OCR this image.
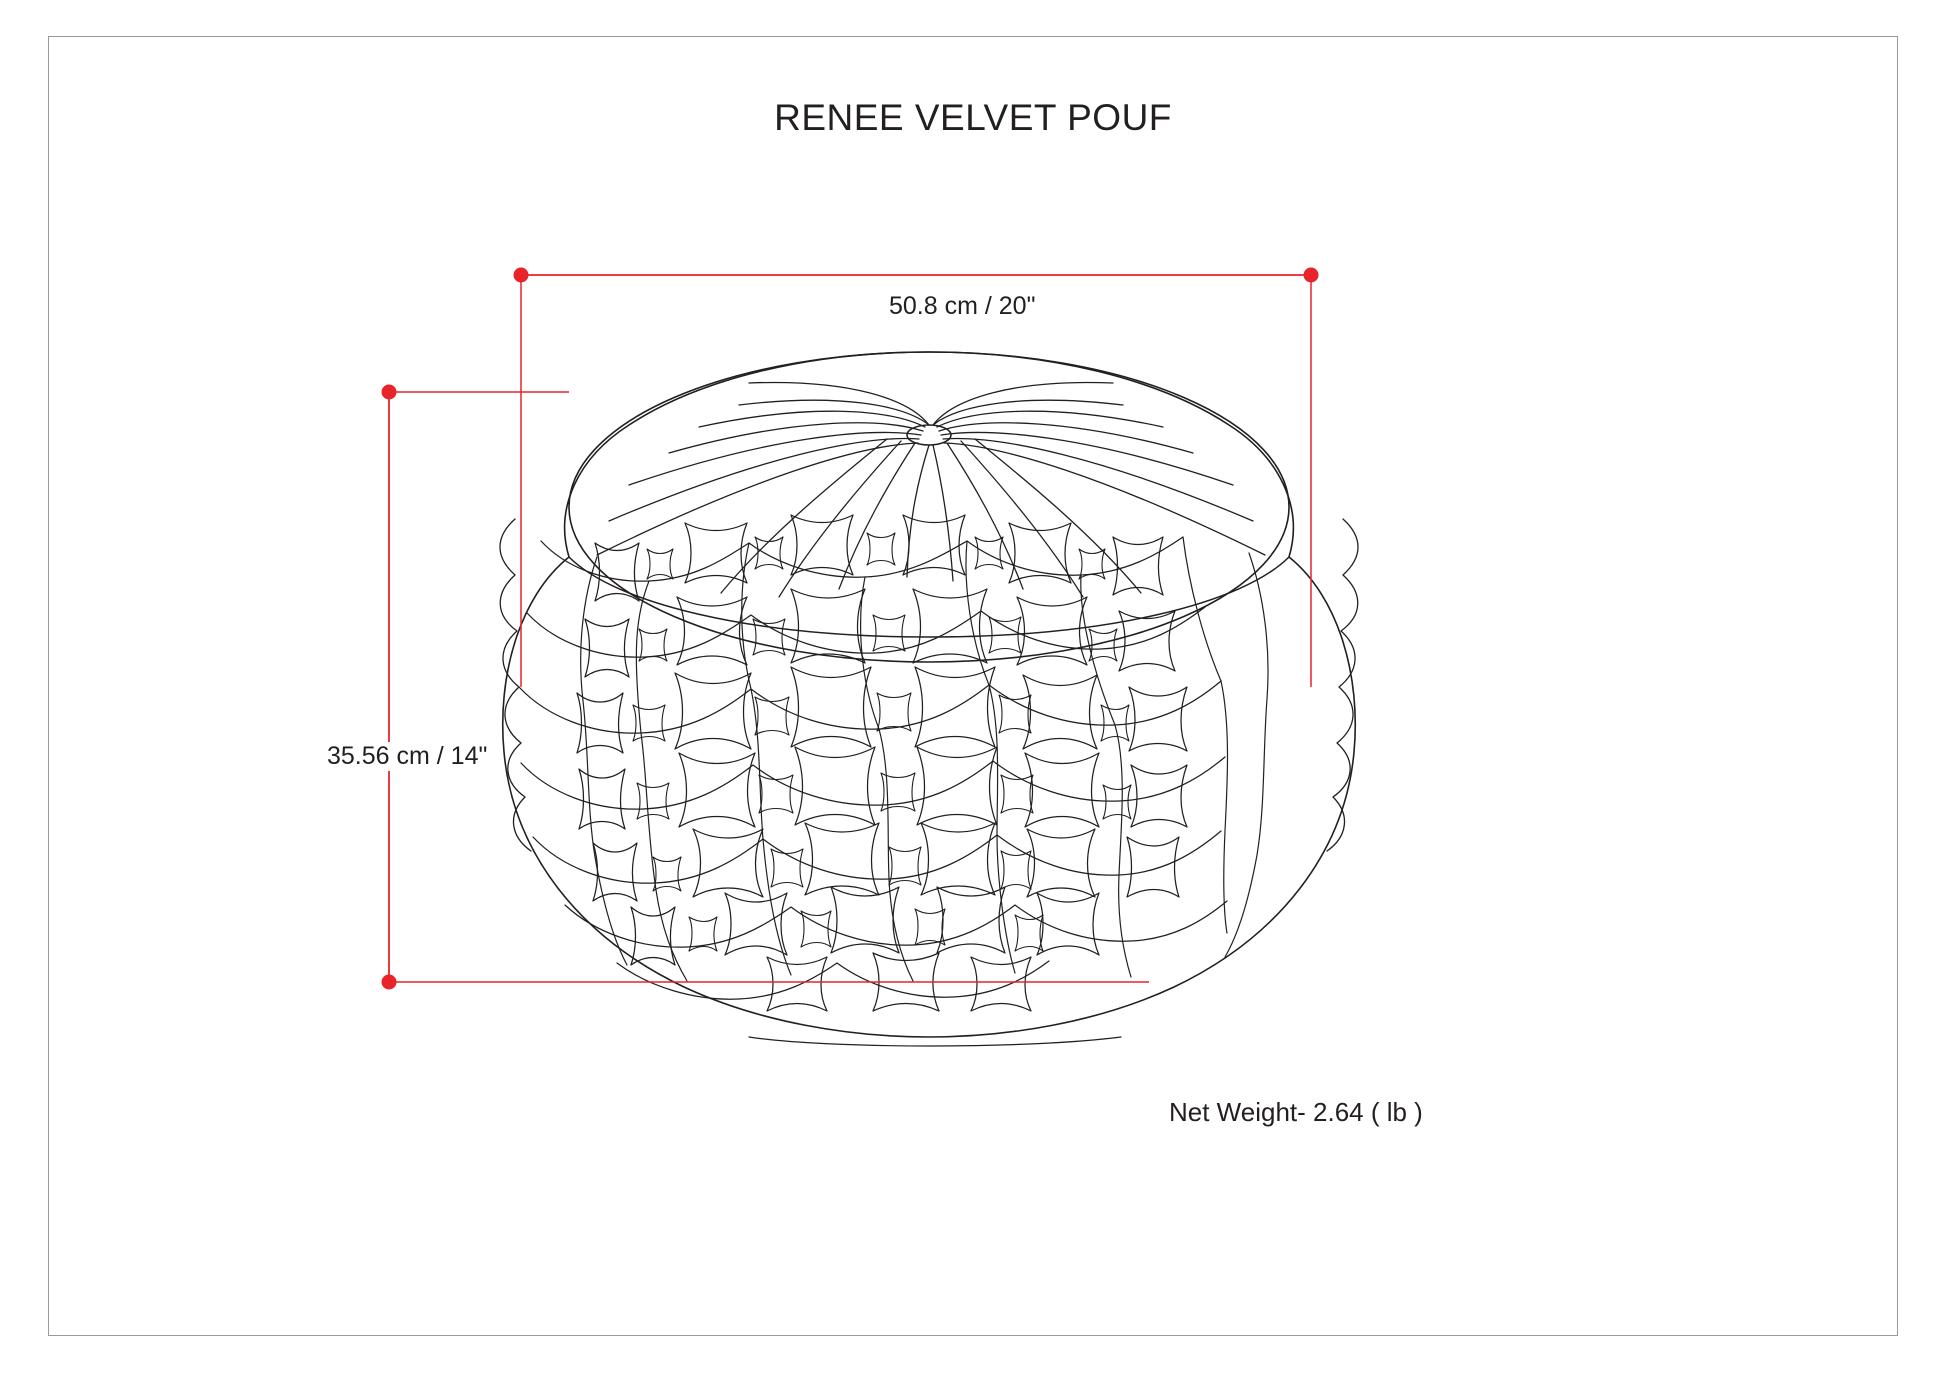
RENEE VELVET POUF
50.8 cm / 20"
35.56 cm / 14"
Net Weight- 2.64 ( lb )
